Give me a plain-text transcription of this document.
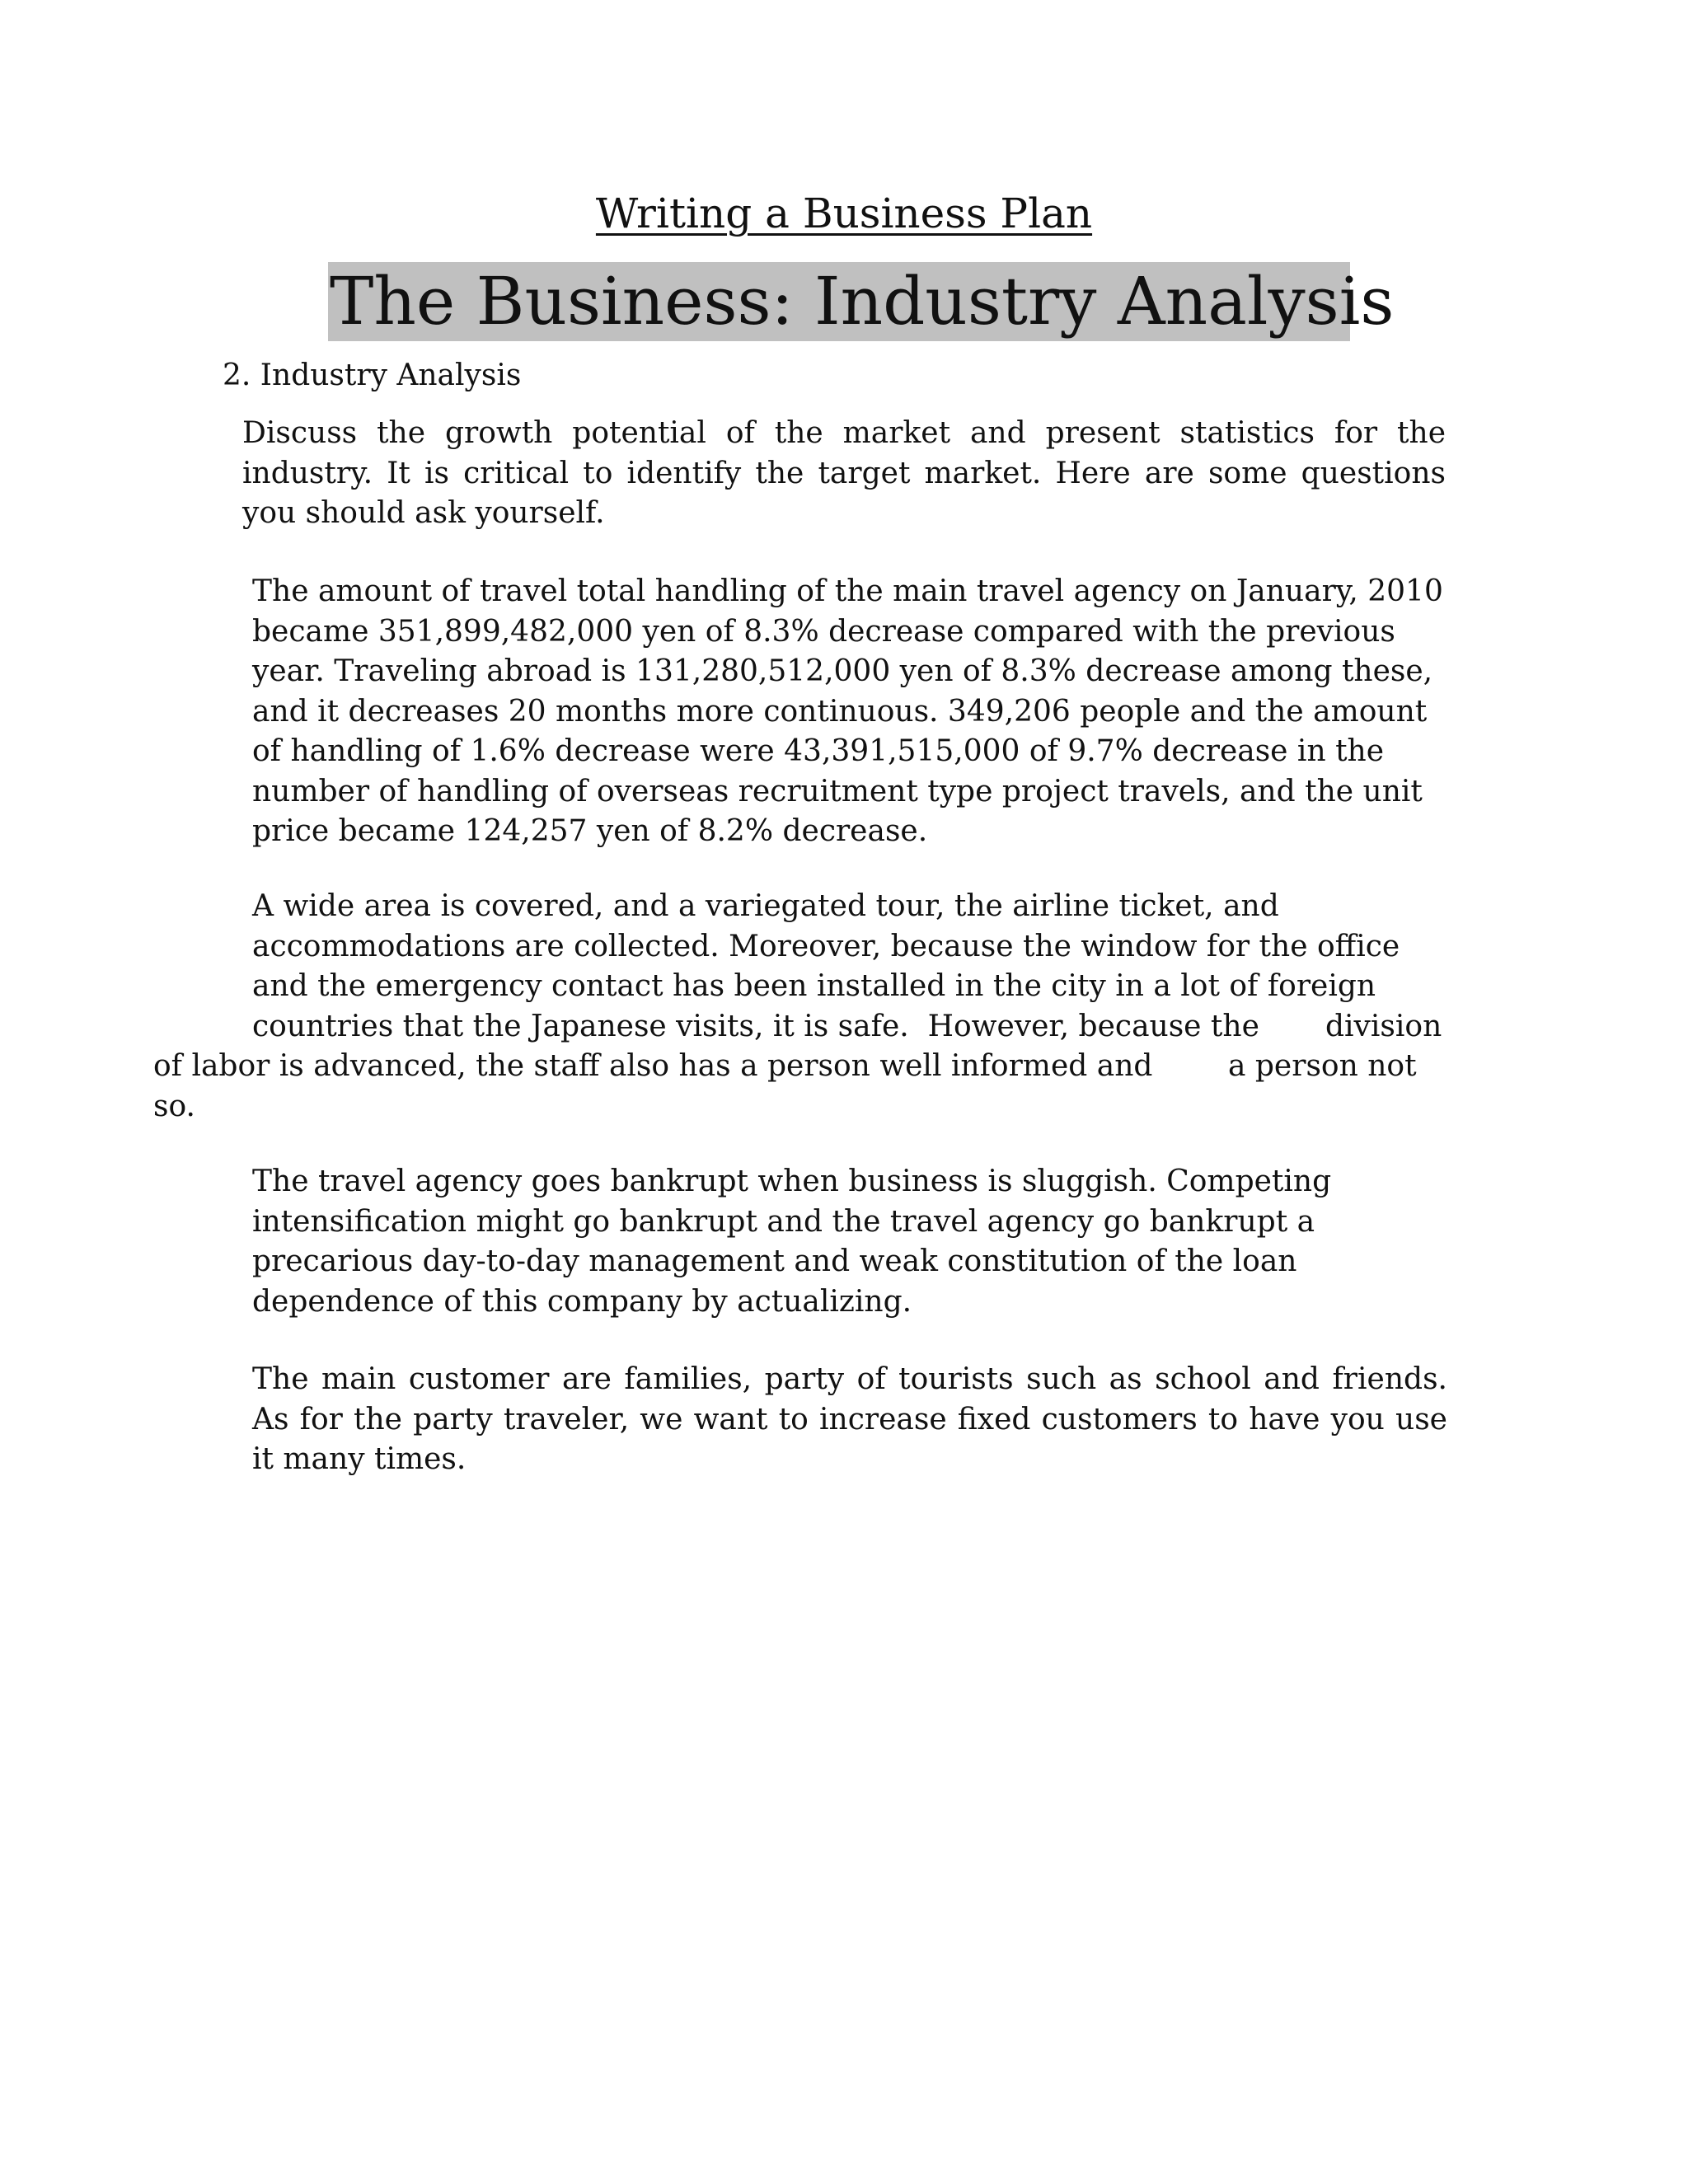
Writing a Business Plan
The Business: Industry Analysis
2. Industry Analysis

Discuss the growth potential of the market and present statistics for the industry. It is critical to identify the target market. Here are some questions you should ask yourself.

The amount of travel total handling of the main travel agency on January, 2010 became 351,899,482,000 yen of 8.3% decrease compared with the previous year. Traveling abroad is 131,280,512,000 yen of 8.3% decrease among these, and it decreases 20 months more continuous. 349,206 people and the amount of handling of 1.6% decrease were 43,391,515,000 of 9.7% decrease in the number of handling of overseas recruitment type project travels, and the unit price became 124,257 yen of 8.2% decrease.

A wide area is covered, and a variegated tour, the airline ticket, and
accommodations are collected. Moreover, because the window for the office
and the emergency contact has been installed in the city in a lot of foreign
countries that the Japanese visits, it is safe.  However, because the       division
of labor is advanced, the staff also has a person well informed and        a person not
so.

The travel agency goes bankrupt when business is sluggish. Competing intensification might go bankrupt and the travel agency go bankrupt a precarious day-to-day management and weak constitution of the loan dependence of this company by actualizing.

The main customer are families, party of tourists such as school and friends. As for the party traveler, we want to increase fixed customers to have you use it many times.
